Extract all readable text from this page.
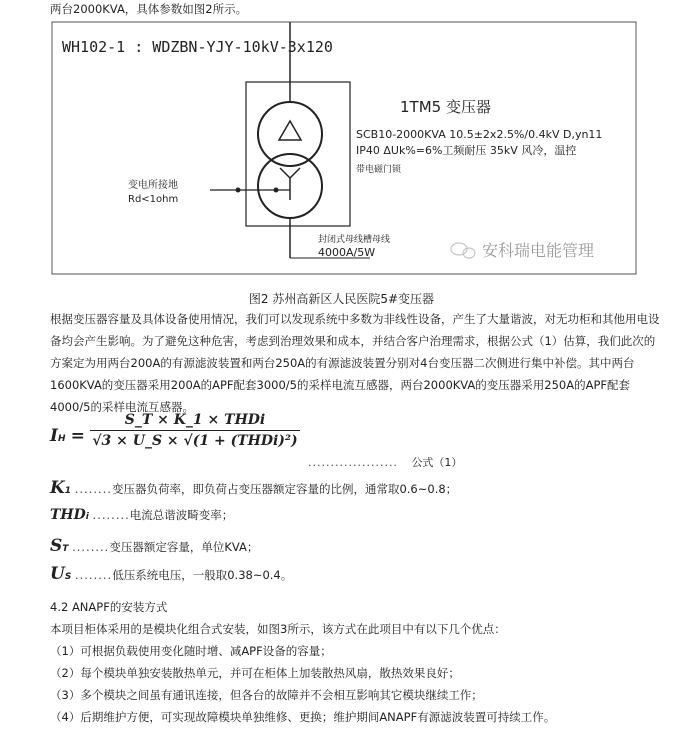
两台2000KVA，具体参数如图2所示。
WH102-1 : WDZBN-YJY-10kV-3x120
1TM5 变压器
SCB10-2000KVA 10.5±2x2.5%/0.4kV D,yn11
IP40 ΔUk%=6%工频耐压 35kV 风冷，温控
带电磁门锁
变电所接地
Rd<1ohm
封闭式母线槽母线
4000A/5W	安科瑞电能管理
图2 苏州高新区人民医院5#变压器
根据变压器容量及具体设备使用情况，我们可以发现系统中多数为非线性设备，产生了大量谐波，对无功柜和其他用电设备均会产生影响。为了避免这种危害，考虑到治理效果和成本，并结合客户治理需求，根据公式（1）估算，我们此次的方案定为用两台200A的有源滤波装置和两台250A的有源滤波装置分别对4台变压器二次侧进行集中补偿。其中两台1600KVA的变压器采用200A的APF配套3000/5的采样电流互感器，两台2000KVA的变压器采用250A的APF配套4000/5的采样电流互感器。
IH =
S_T × K_1 × THDi
√3 × U_S × √(1 + (THDi)²)
.................... 公式（1）
K1 ........变压器负荷率，即负荷占变压器额定容量的比例，通常取0.6~0.8；
THDi ........电流总谐波畸变率；
ST ........变压器额定容量，单位KVA；
US ........低压系统电压，一般取0.38~0.4。
4.2 ANAPF的安装方式
本项目柜体采用的是模块化组合式安装，如图3所示，该方式在此项目中有以下几个优点：
（1）可根据负载使用变化随时增、减APF设备的容量；
（2）每个模块单独安装散热单元，并可在柜体上加装散热风扇，散热效果良好；
（3）多个模块之间虽有通讯连接，但各台的故障并不会相互影响其它模块继续工作；
（4）后期维护方便，可实现故障模块单独维修、更换；维护期间ANAPF有源滤波装置可持续工作。
